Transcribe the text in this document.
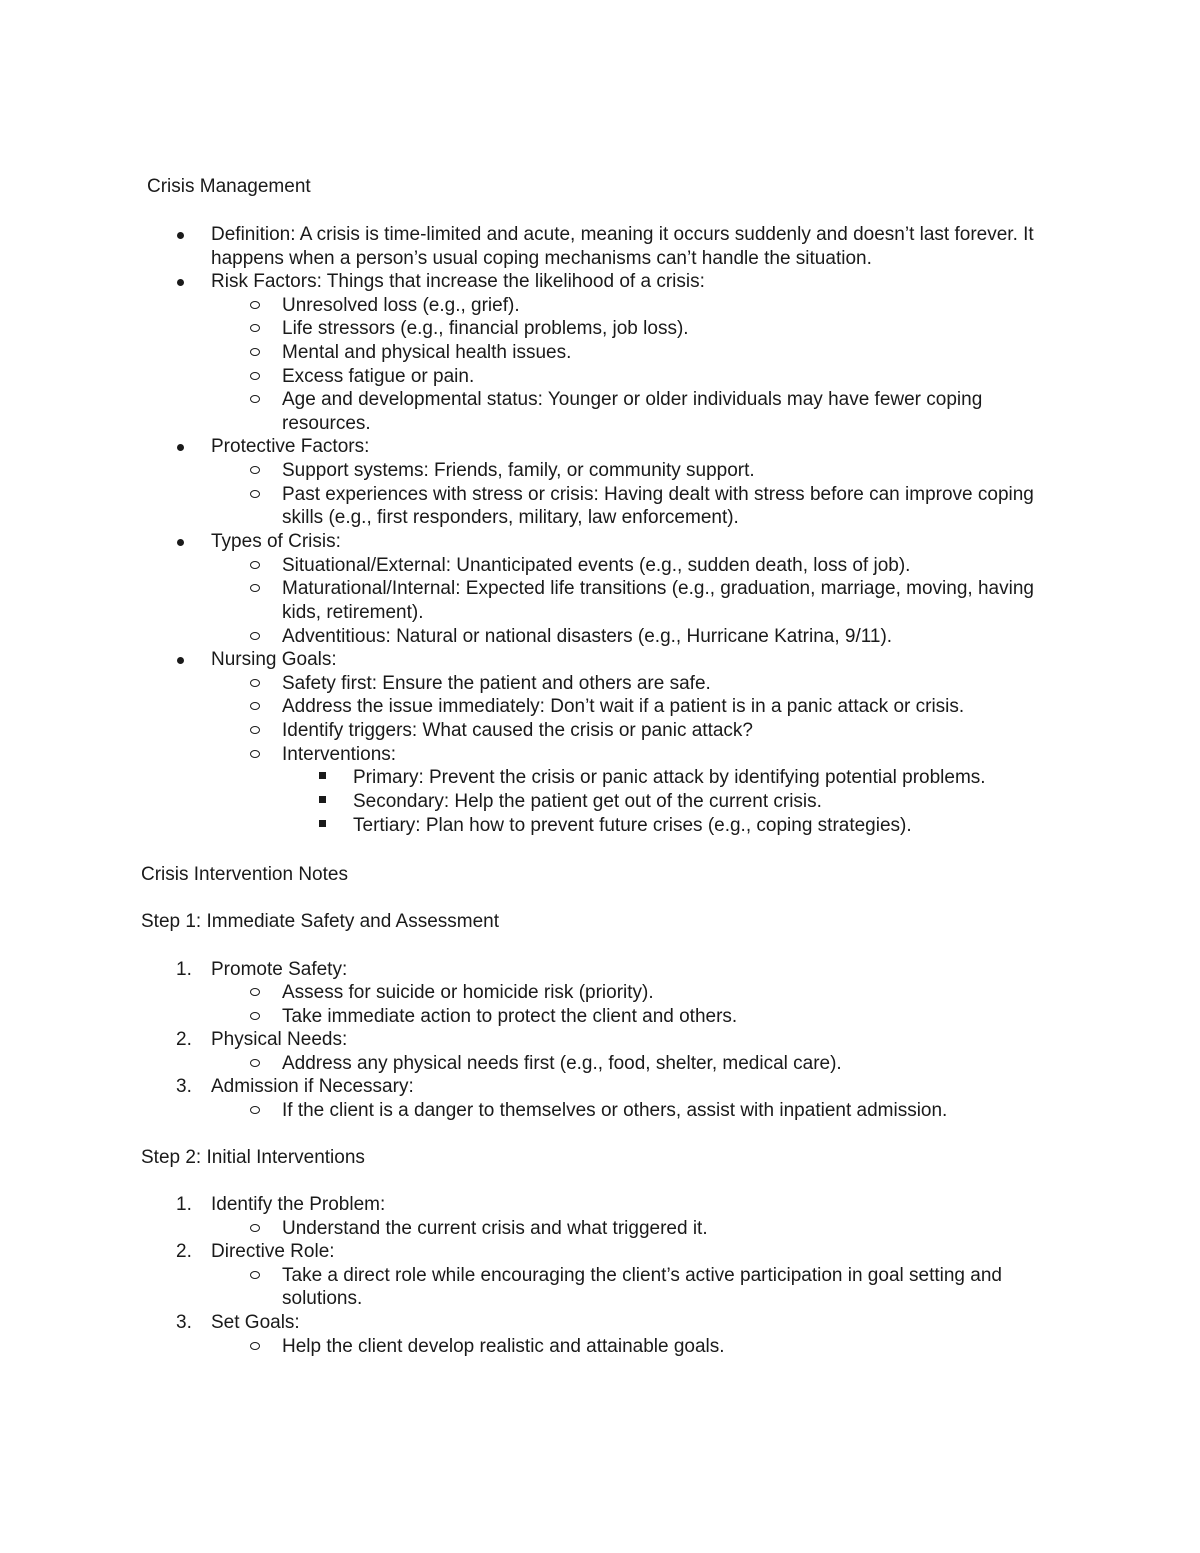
Crisis Management
Definition: A crisis is time-limited and acute, meaning it occurs suddenly and doesn’t last forever. It
happens when a person’s usual coping mechanisms can’t handle the situation.
Risk Factors: Things that increase the likelihood of a crisis:
Unresolved loss (e.g., grief).
Life stressors (e.g., financial problems, job loss).
Mental and physical health issues.
Excess fatigue or pain.
Age and developmental status: Younger or older individuals may have fewer coping
resources.
Protective Factors:
Support systems: Friends, family, or community support.
Past experiences with stress or crisis: Having dealt with stress before can improve coping
skills (e.g., first responders, military, law enforcement).
Types of Crisis:
Situational/External: Unanticipated events (e.g., sudden death, loss of job).
Maturational/Internal: Expected life transitions (e.g., graduation, marriage, moving, having
kids, retirement).
Adventitious: Natural or national disasters (e.g., Hurricane Katrina, 9/11).
Nursing Goals:
Safety first: Ensure the patient and others are safe.
Address the issue immediately: Don’t wait if a patient is in a panic attack or crisis.
Identify triggers: What caused the crisis or panic attack?
Interventions:
Primary: Prevent the crisis or panic attack by identifying potential problems.
Secondary: Help the patient get out of the current crisis.
Tertiary: Plan how to prevent future crises (e.g., coping strategies).
Crisis Intervention Notes
Step 1: Immediate Safety and Assessment
1. Promote Safety:
Assess for suicide or homicide risk (priority).
Take immediate action to protect the client and others.
2. Physical Needs:
Address any physical needs first (e.g., food, shelter, medical care).
3. Admission if Necessary:
If the client is a danger to themselves or others, assist with inpatient admission.
Step 2: Initial Interventions
1. Identify the Problem:
Understand the current crisis and what triggered it.
2. Directive Role:
Take a direct role while encouraging the client’s active participation in goal setting and
solutions.
3. Set Goals:
Help the client develop realistic and attainable goals.
